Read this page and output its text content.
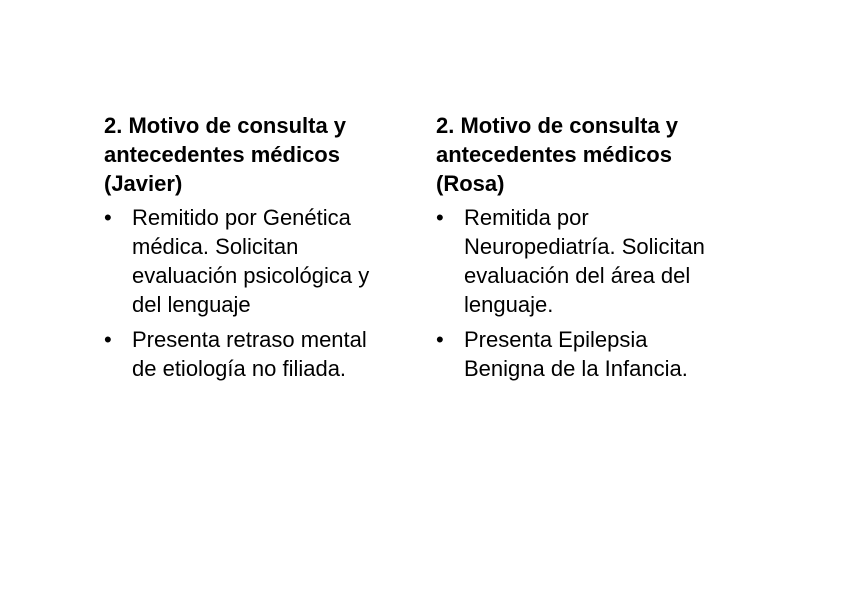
2. Motivo de consulta y
antecedentes médicos
(Javier)
• Remitido por Genética
médica. Solicitan
evaluación psicológica y
del lenguaje
• Presenta retraso mental
de etiología no filiada.
2. Motivo de consulta y
antecedentes médicos
(Rosa)
• Remitida por
Neuropediatría. Solicitan
evaluación del área del
lenguaje.
• Presenta Epilepsia
Benigna de la Infancia.
